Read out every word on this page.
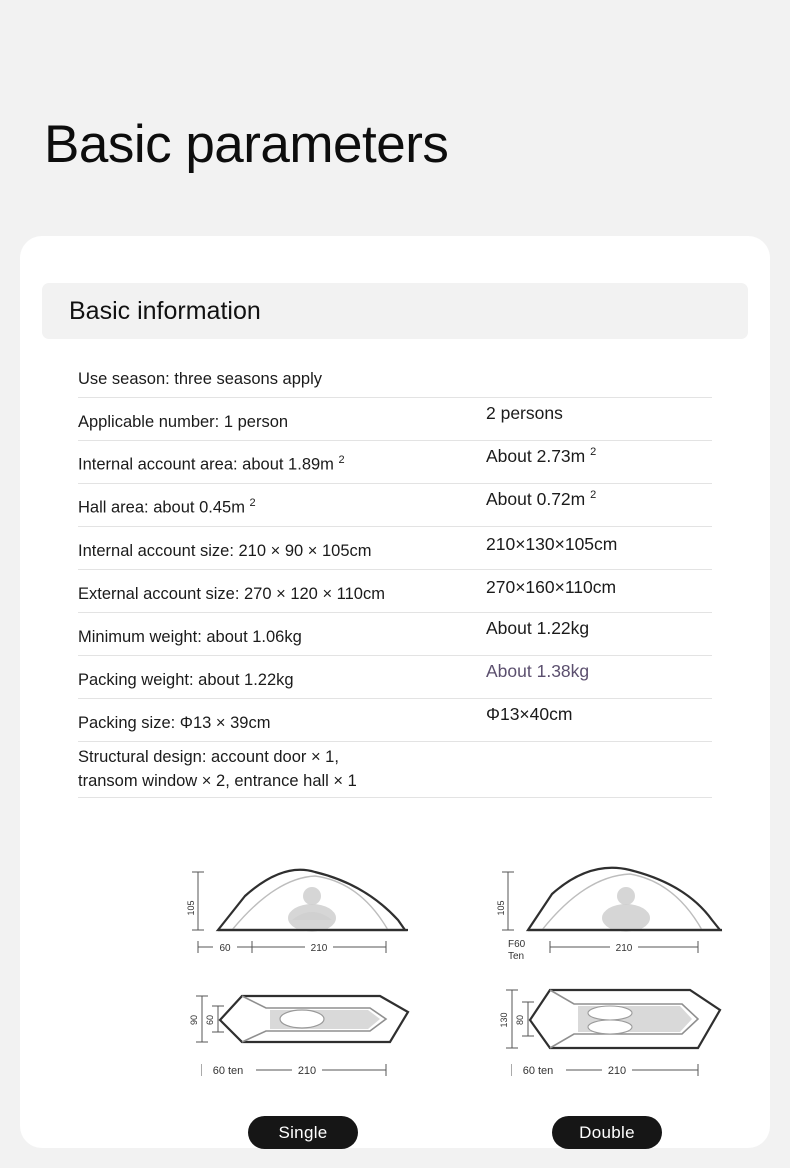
Basic parameters
Basic information
Use season: three seasons apply
Applicable number: 1 person	2 persons
Internal account area: about 1.89m $^2$	About 2.73m $^2$
Hall area: about 0.45m $^2$	About 0.72m $^2$
Internal account size: 210 × 90 × 105cm	210×130×105cm
External account size: 270 × 120 × 110cm	270×160×110cm
Minimum weight: about 1.06kg	About 1.22kg
Packing weight: about 1.22kg	About 1.38kg
Packing size: Φ13 × 39cm	Φ13×40cm
Structural design: account door × 1,
transom window × 2, entrance hall × 1
105
60	210
105
F60
Ten
210
90 60
60 ten	210
130 80
60 ten	210
Single	Double
